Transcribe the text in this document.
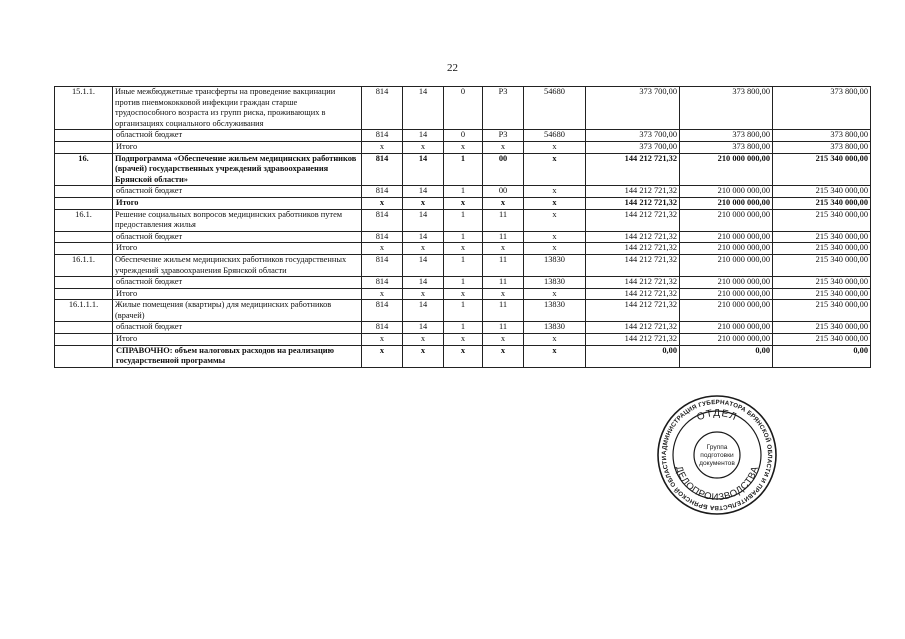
22
15.1.1.	Иные межбюджетные трансферты на проведение вакцинации против пневмококковой инфекции граждан старше трудоспособного возраста из групп риска, проживающих в организациях социального обслуживания	814	14	0	Р3	54680	373 700,00	373 800,00	373 800,00
	областной бюджет	814	14	0	Р3	54680	373 700,00	373 800,00	373 800,00
	Итого	х	х	х	х	х	373 700,00	373 800,00	373 800,00
16.	Подпрограмма «Обеспечение жильем медицинских работников (врачей) государственных учреждений здравоохранения Брянской области»	814	14	1	00	х	144 212 721,32	210 000 000,00	215 340 000,00
	областной бюджет	814	14	1	00	х	144 212 721,32	210 000 000,00	215 340 000,00
	Итого	х	х	х	х	х	144 212 721,32	210 000 000,00	215 340 000,00
16.1.	Решение социальных вопросов медицинских работников путем предоставления жилья	814	14	1	11	х	144 212 721,32	210 000 000,00	215 340 000,00
	областной бюджет	814	14	1	11	х	144 212 721,32	210 000 000,00	215 340 000,00
	Итого	х	х	х	х	х	144 212 721,32	210 000 000,00	215 340 000,00
16.1.1.	Обеспечение жильем медицинских работников государственных учреждений здравоохранения Брянской области	814	14	1	11	13830	144 212 721,32	210 000 000,00	215 340 000,00
	областной бюджет	814	14	1	11	13830	144 212 721,32	210 000 000,00	215 340 000,00
	Итого	х	х	х	х	х	144 212 721,32	210 000 000,00	215 340 000,00
16.1.1.1.	Жилые помещения (квартиры) для медицинских работников (врачей)	814	14	1	11	13830	144 212 721,32	210 000 000,00	215 340 000,00
	областной бюджет	814	14	1	11	13830	144 212 721,32	210 000 000,00	215 340 000,00
	Итого	х	х	х	х	х	144 212 721,32	210 000 000,00	215 340 000,00
	СПРАВОЧНО: объем налоговых расходов на реализацию государственной программы	х	х	х	х	х	0,00	0,00	0,00
АДМИНИСТРАЦИЯ ГУБЕРНАТОРА БРЯНСКОЙ ОБЛАСТИ И ПРАВИТЕЛЬСТВА БРЯНСКОЙ ОБЛАСТИ
ОТДЕЛ
ДЕЛОПРОИЗВОДСТВА
Группа
подготовки
документов
